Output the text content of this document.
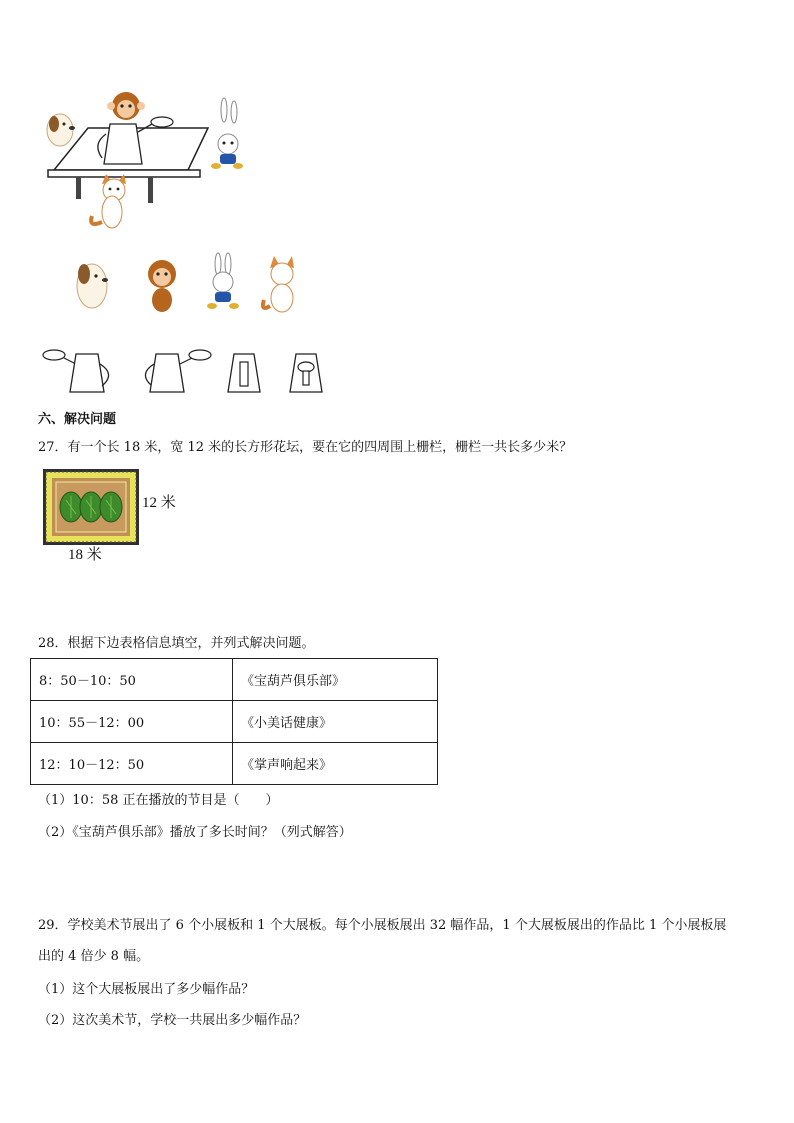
六、解决问题
27．有一个长 18 米，宽 12 米的长方形花坛，要在它的四周围上栅栏，栅栏一共长多少米？
12 米
18 米
28．根据下边表格信息填空，并列式解决问题。
8：50－10：50	《宝葫芦俱乐部》
10：55－12：00	《小美话健康》
12：10－12：50	《掌声响起来》
（1）10：58 正在播放的节目是（　　）
（2）《宝葫芦俱乐部》播放了多长时间？（列式解答）
29．学校美术节展出了 6 个小展板和 1 个大展板。每个小展板展出 32 幅作品，1 个大展板展出的作品比 1 个小展板展
出的 4 倍少 8 幅。
（1）这个大展板展出了多少幅作品？
（2）这次美术节，学校一共展出多少幅作品？
